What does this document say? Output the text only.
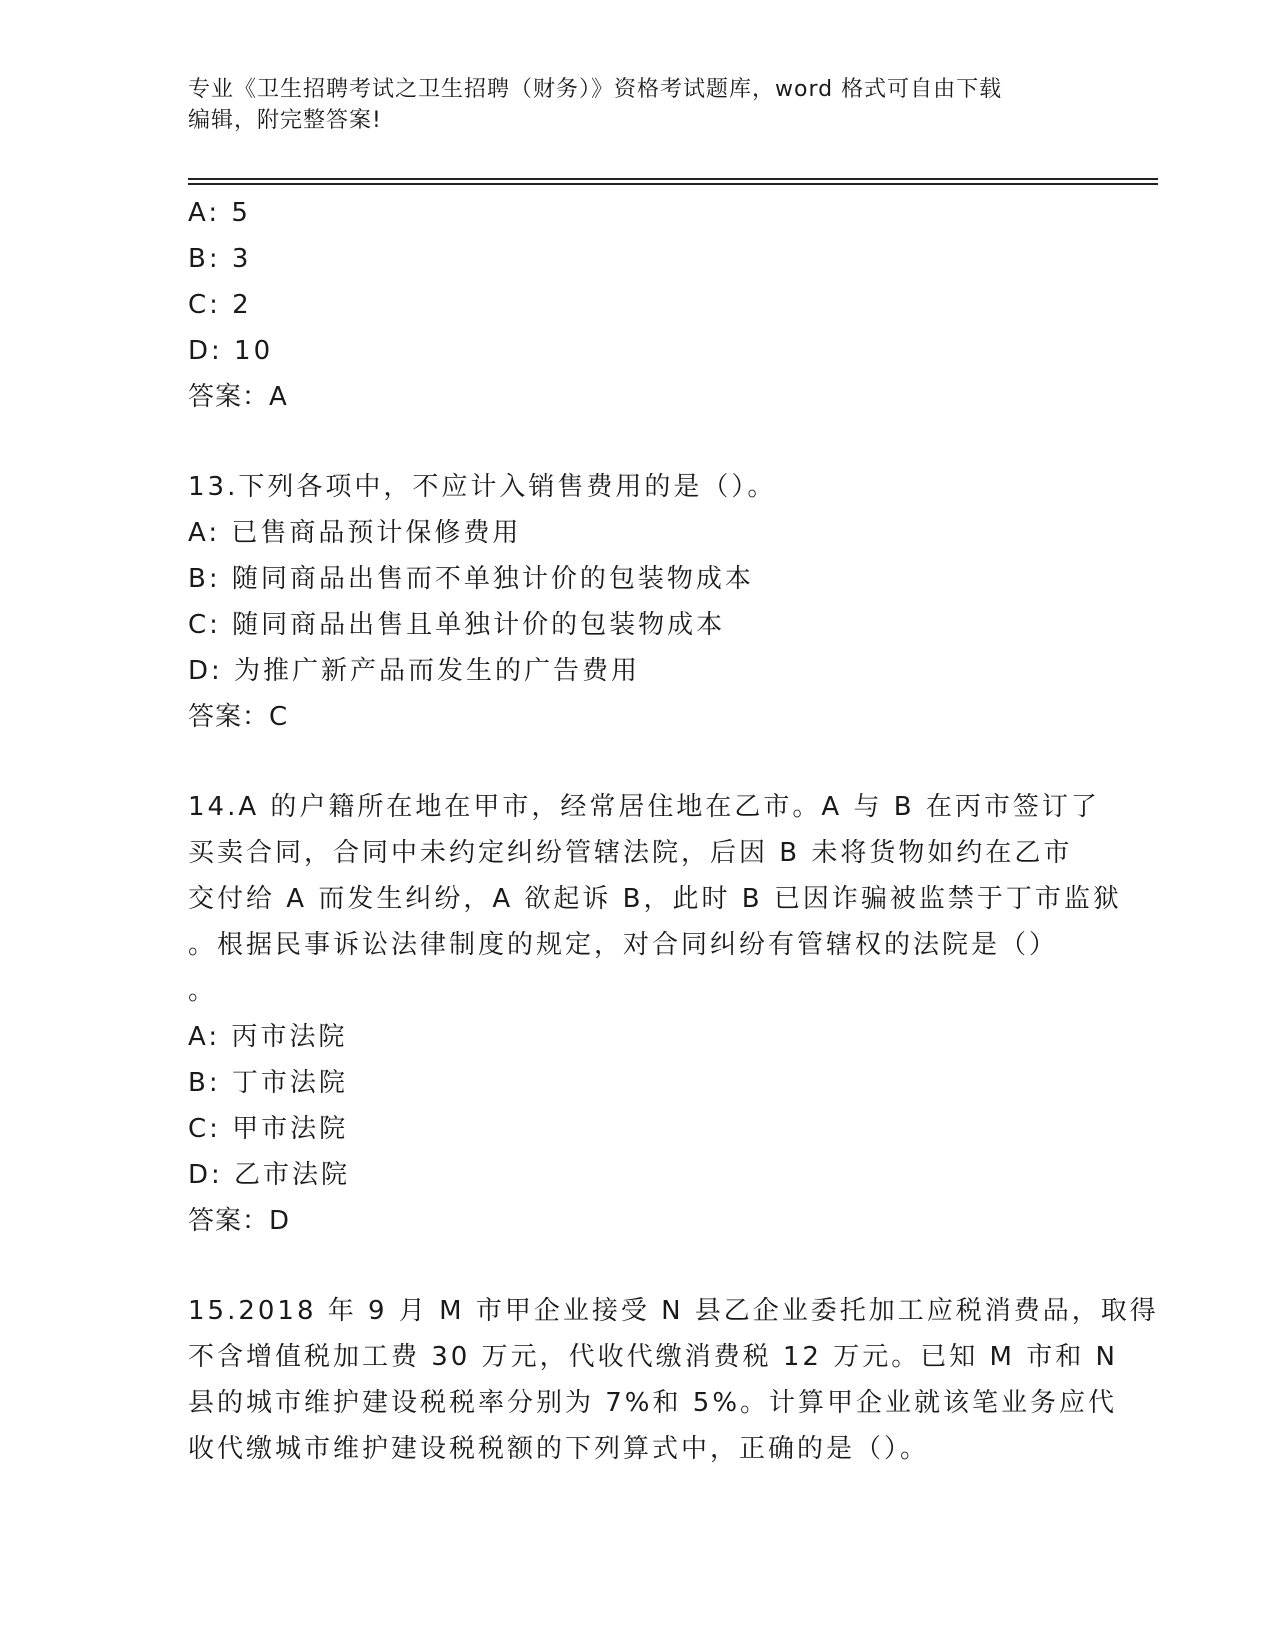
专业《卫生招聘考试之卫生招聘（财务）》资格考试题库，word 格式可自由下载
编辑，附完整答案!

A: 5

B: 3

C: 2

D: 10

答案：A

13.下列各项中，不应计入销售费用的是（）。

A: 已售商品预计保修费用

B: 随同商品出售而不单独计价的包装物成本

C: 随同商品出售且单独计价的包装物成本

D: 为推广新产品而发生的广告费用

答案：C

14.A 的户籍所在地在甲市，经常居住地在乙市。A 与 B 在丙市签订了

买卖合同，合同中未约定纠纷管辖法院，后因 B 未将货物如约在乙市

交付给 A 而发生纠纷，A 欲起诉 B，此时 B 已因诈骗被监禁于丁市监狱

。根据民事诉讼法律制度的规定，对合同纠纷有管辖权的法院是（）

。

A: 丙市法院

B: 丁市法院

C: 甲市法院

D: 乙市法院

答案：D

15.2018 年 9 月 M 市甲企业接受 N 县乙企业委托加工应税消费品，取得

不含增值税加工费 30 万元，代收代缴消费税 12 万元。已知 M 市和 N

县的城市维护建设税税率分别为 7%和 5%。计算甲企业就该笔业务应代

收代缴城市维护建设税税额的下列算式中，正确的是（）。
